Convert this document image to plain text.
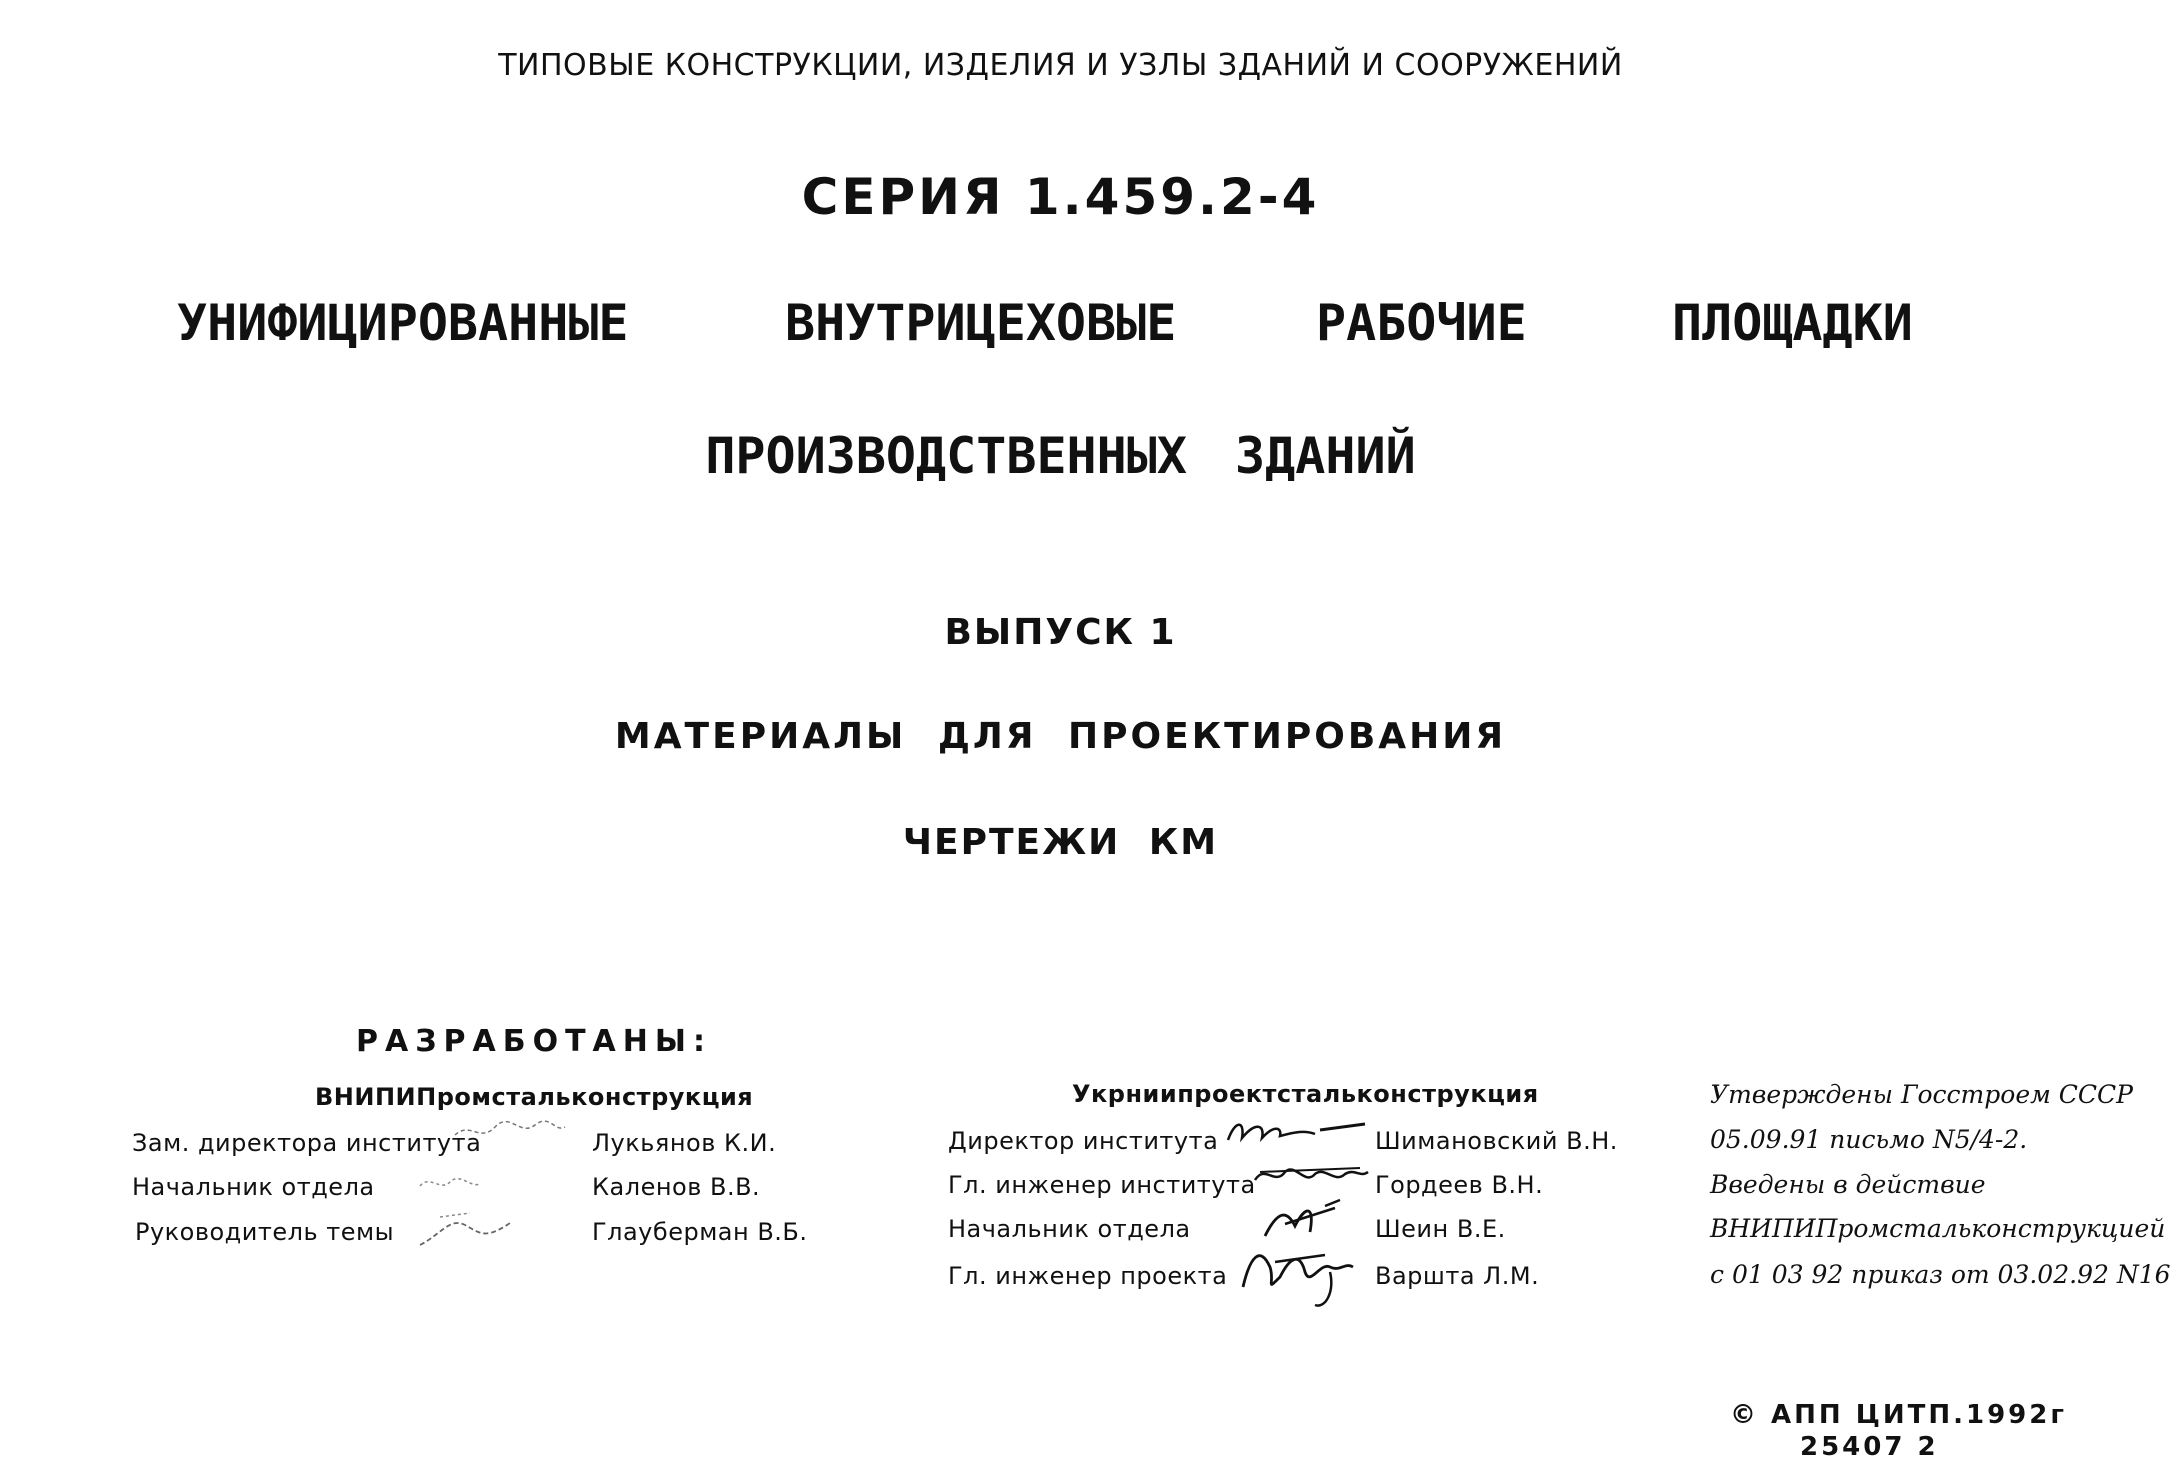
ТИПОВЫЕ КОНСТРУКЦИИ, ИЗДЕЛИЯ И УЗЛЫ ЗДАНИЙ И СООРУЖЕНИЙ
СЕРИЯ 1.459.2-4
УНИФИЦИРОВАННЫЕ	ВНУТРИЦЕХОВЫЕ	РАБОЧИЕ	ПЛОЩАДКИ
ПРОИЗВОДСТВЕННЫХ ЗДАНИЙ
ВЫПУСК 1
МАТЕРИАЛЫ ДЛЯ ПРОЕКТИРОВАНИЯ
ЧЕРТЕЖИ КМ
РАЗРАБОТАНЫ:
ВНИПИПромстальконструкция
Зам. директора института	Лукьянов К.И.
Начальник отдела	Каленов В.В.
Руководитель темы	Глауберман В.Б.
Укрниипроектстальконструкция
Директор института	Шимановский В.Н.
Гл. инженер института	Гордеев В.Н.
Начальник отдела	Шеин В.Е.
Гл. инженер проекта	Варшта Л.М.
Утверждены Госстроем СССР
05.09.91 письмо N5/4-2.
Введены в действие
ВНИПИПромстальконструкцией
с 01 03 92 приказ от 03.02.92 N16
© АПП ЦИТП.1992г
25407 2
